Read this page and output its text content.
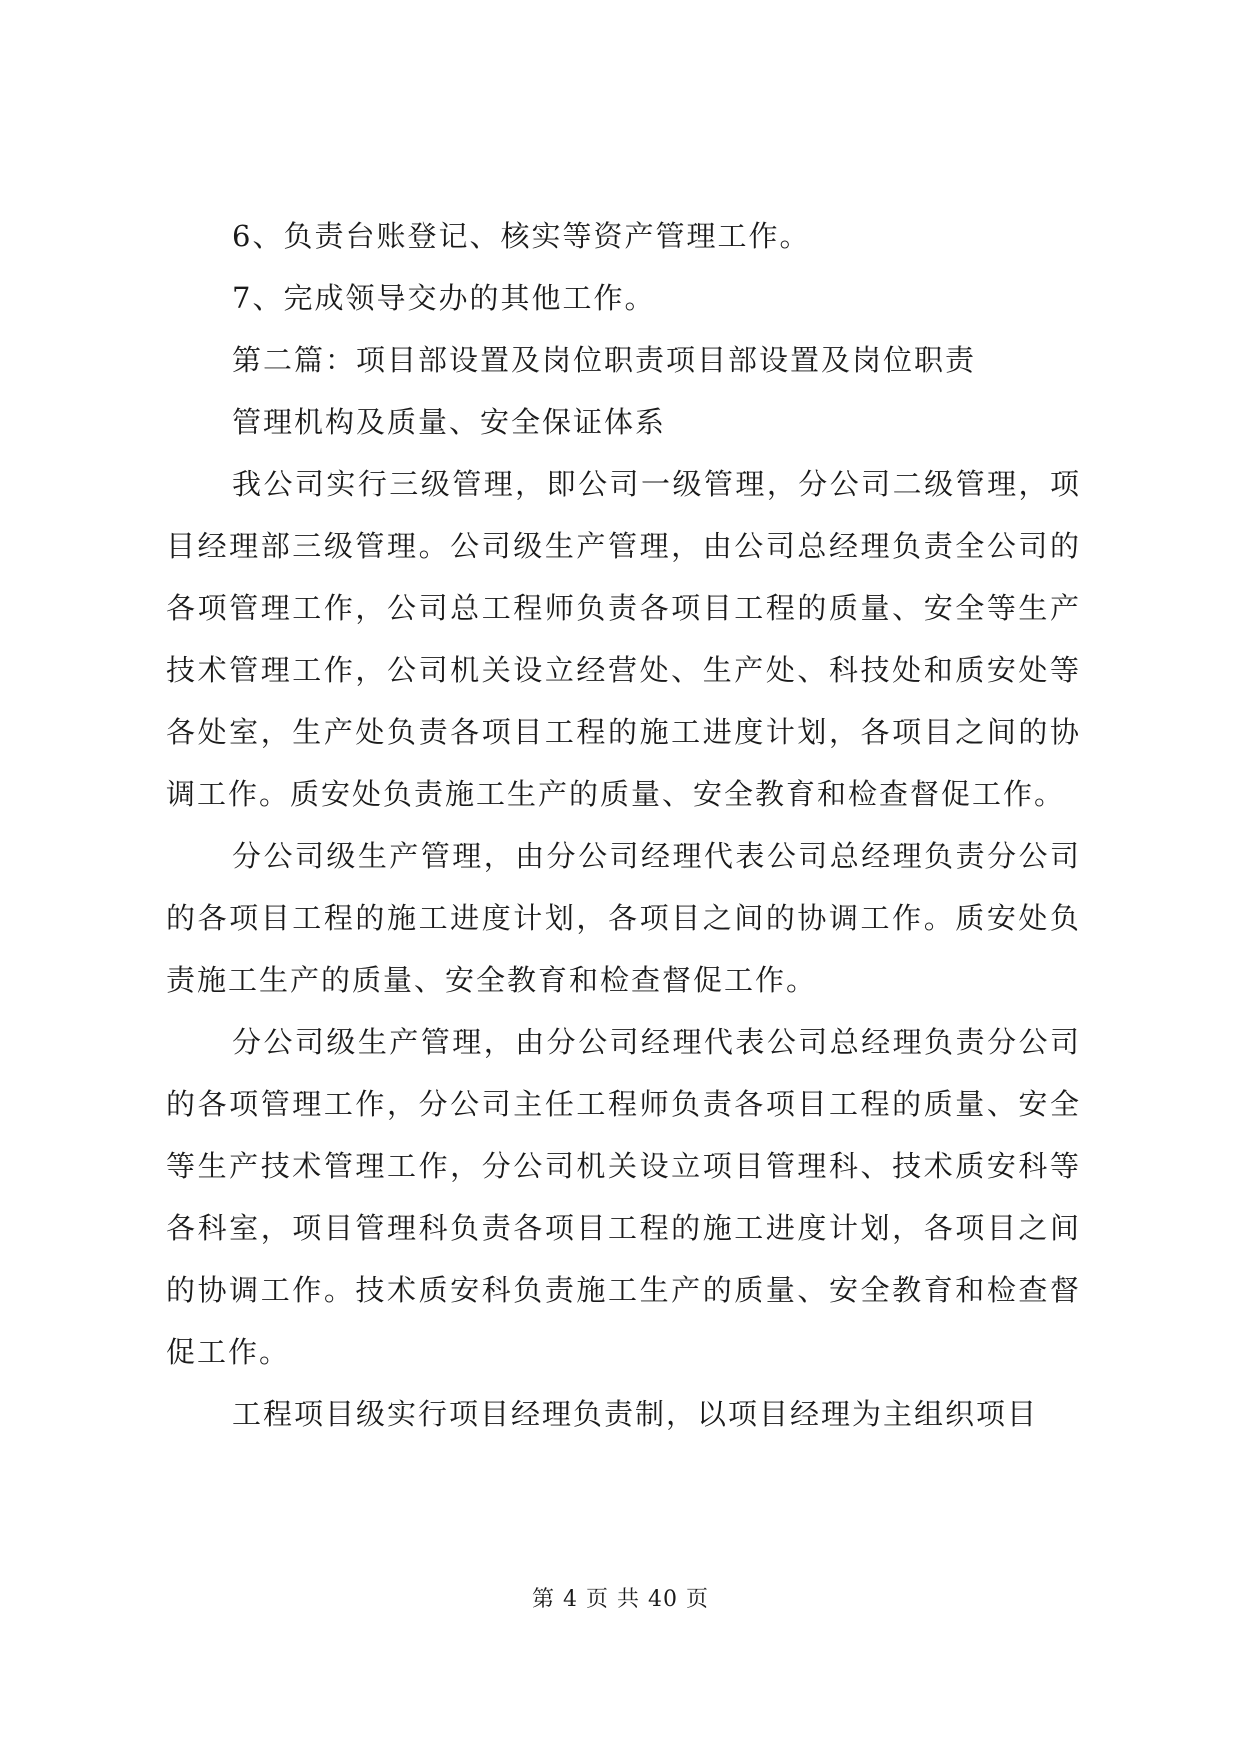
6、负责台账登记、核实等资产管理工作。

7、完成领导交办的其他工作。

第二篇：项目部设置及岗位职责项目部设置及岗位职责

管理机构及质量、安全保证体系

我公司实行三级管理，即公司一级管理，分公司二级管理，项目经理部三级管理。公司级生产管理，由公司总经理负责全公司的各项管理工作，公司总工程师负责各项目工程的质量、安全等生产技术管理工作，公司机关设立经营处、生产处、科技处和质安处等各处室，生产处负责各项目工程的施工进度计划，各项目之间的协调工作。质安处负责施工生产的质量、安全教育和检查督促工作。

分公司级生产管理，由分公司经理代表公司总经理负责分公司的各项目工程的施工进度计划，各项目之间的协调工作。质安处负责施工生产的质量、安全教育和检查督促工作。

分公司级生产管理，由分公司经理代表公司总经理负责分公司的各项管理工作，分公司主任工程师负责各项目工程的质量、安全等生产技术管理工作，分公司机关设立项目管理科、技术质安科等各科室，项目管理科负责各项目工程的施工进度计划，各项目之间的协调工作。技术质安科负责施工生产的质量、安全教育和检查督促工作。

工程项目级实行项目经理负责制，以项目经理为主组织项目

第 4 页 共 40 页
